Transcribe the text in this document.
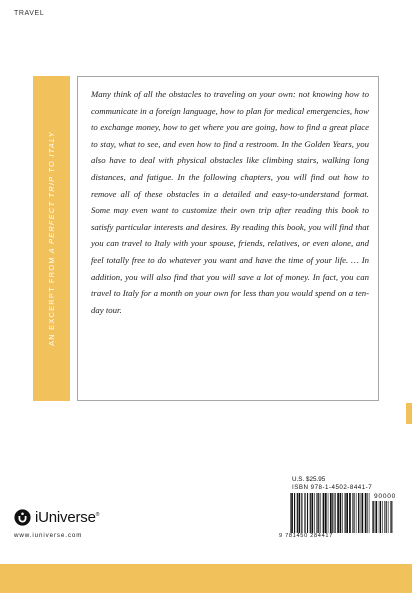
TRAVEL
AN EXCERPT FROM
A PERFECT TRIP TO ITALY

Many think of all the obstacles to traveling on your own: not knowing how to communicate in a foreign language, how to plan for medical emergencies, how to exchange money, how to get where you are going, how to find a great place to stay, what to see, and even how to find a restroom. In the Golden Years, you also have to deal with physical obstacles like climbing stairs, walking long distances, and fatigue. In the following chapters, you will find out how to remove all of these obstacles in a detailed and easy-to-understand format. Some may even want to customize their own trip after reading this book to satisfy particular interests and desires. By reading this book, you will find that you can travel to Italy with your spouse, friends, relatives, or even alone, and feel totally free to do whatever you want and have the time of your life. … In addition, you will also find that you will save a lot of money. In fact, you can travel to Italy for a month on your own for less than you would spend on a ten-day tour.

U.S. $25.95
ISBN 978-1-4502-8441-7
90000
9 781450 284417
iUniverse®
www.iuniverse.com
